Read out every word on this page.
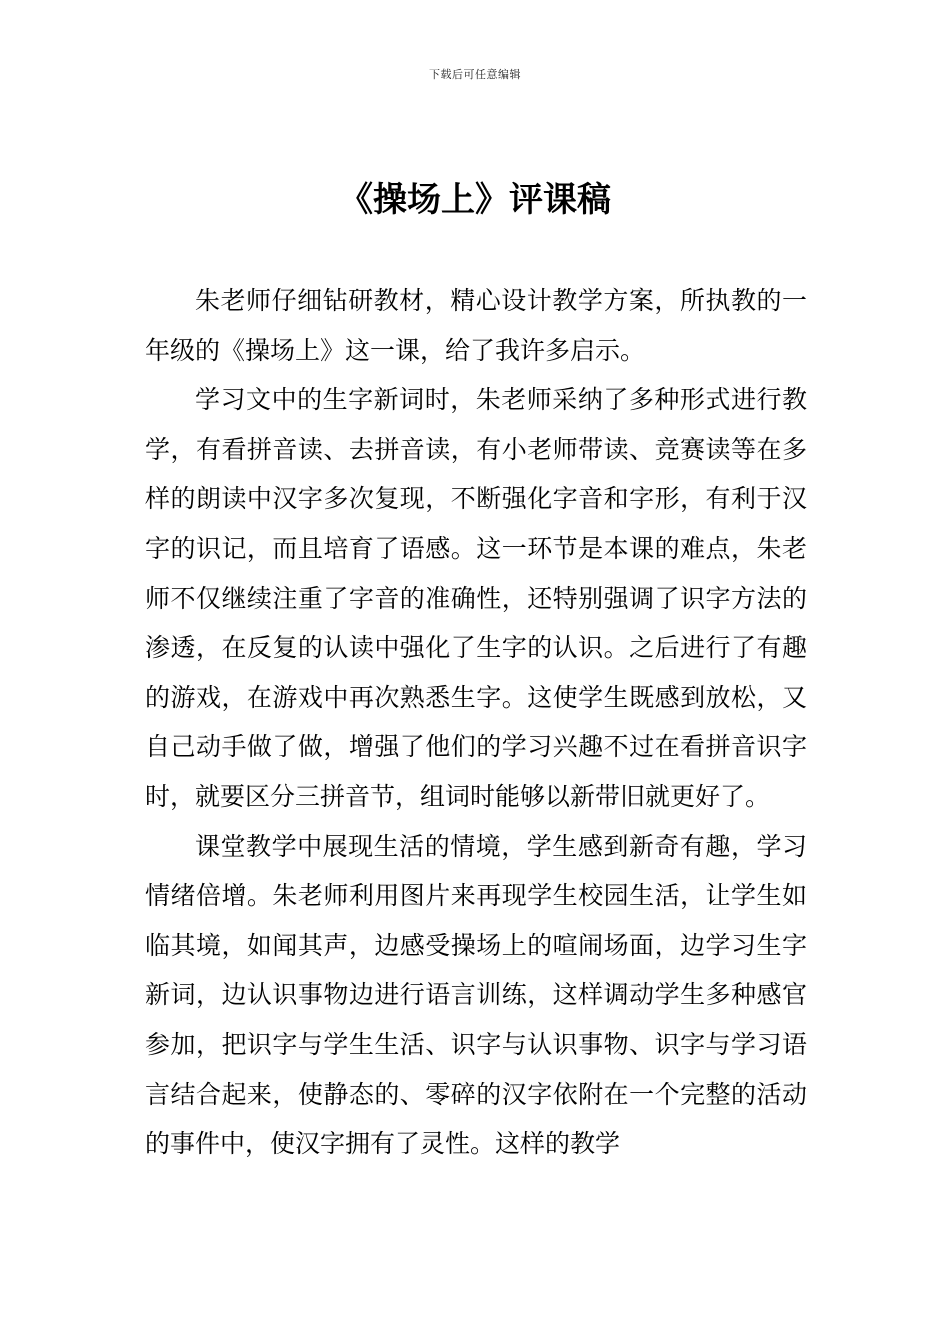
下载后可任意编辑
《操场上》评课稿

朱老师仔细钻研教材，精心设计教学方案，所执教的一年级的《操场上》这一课，给了我许多启示。

学习文中的生字新词时，朱老师采纳了多种形式进行教学，有看拼音读、去拼音读，有小老师带读、竞赛读等在多样的朗读中汉字多次复现，不断强化字音和字形，有利于汉字的识记，而且培育了语感。这一环节是本课的难点，朱老师不仅继续注重了字音的准确性，还特别强调了识字方法的渗透，在反复的认读中强化了生字的认识。之后进行了有趣的游戏，在游戏中再次熟悉生字。这使学生既感到放松，又自己动手做了做，增强了他们的学习兴趣不过在看拼音识字时，就要区分三拼音节，组词时能够以新带旧就更好了。

课堂教学中展现生活的情境，学生感到新奇有趣，学习情绪倍增。朱老师利用图片来再现学生校园生活，让学生如临其境，如闻其声，边感受操场上的喧闹场面，边学习生字新词，边认识事物边进行语言训练，这样调动学生多种感官参加，把识字与学生生活、识字与认识事物、识字与学习语言结合起来，使静态的、零碎的汉字依附在一个完整的活动的事件中，使汉字拥有了灵性。这样的教学
